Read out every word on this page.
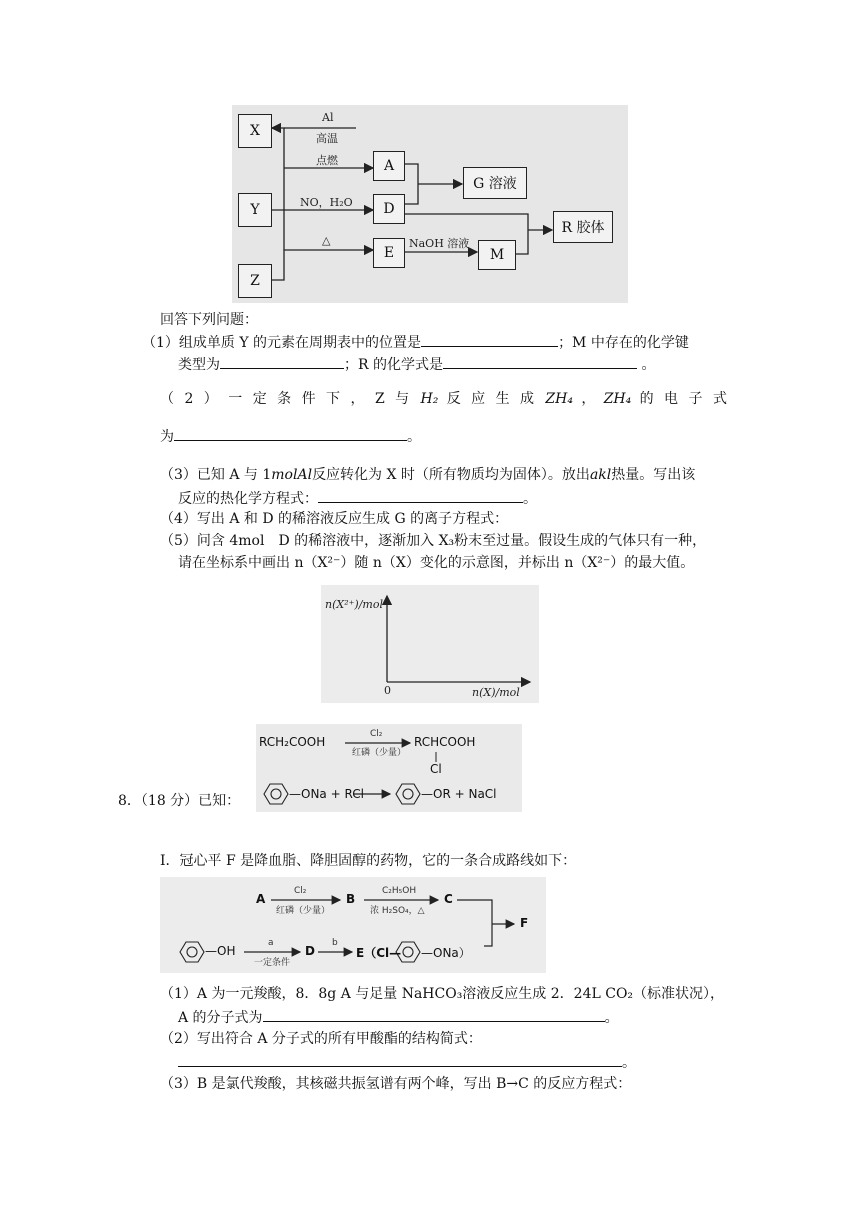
X
Y
Z
A
D
E	M
G 溶液
R 胶体
Al
高温
点燃
NO，H₂O
△	NaOH 溶液
回答下列问题：
（1）组成单质 Y 的元素在周期表中的位置是	；M 中存在的化学键
类型为	；R 的化学式是	。
（ 2 ） 一 定 条 件 下 ， Z 与 H₂ 反 应 生 成 ZH₄ ， ZH₄ 的 电 子 式
为	。
（3）已知 A 与 1molAl反应转化为 X 时（所有物质均为固体）。放出akl热量。写出该
反应的热化学方程式：	。
（4）写出 A 和 D 的稀溶液反应生成 G 的离子方程式：
（5）问含 4mol　D 的稀溶液中，逐渐加入 X₃粉末至过量。假设生成的气体只有一种，
请在坐标系中画出 n（X²⁻）随 n（X）变化的示意图，并标出 n（X²⁻）的最大值。
n(X²⁺)/mol
n(X)/mol
0
RCH₂COOH
Cl₂
红磷（少量）
RCHCOOH
Cl
—ONa + RCl	—OR + NaCl
8．（18 分）已知：
Ⅰ．冠心平 F 是降血脂、降胆固醇的药物，它的一条合成路线如下：
A
Cl₂
红磷（少量）
B
C₂H₅OH
浓 H₂SO₄，△
C
F
—OH
a
一定条件
D
b
E（Cl— —ONa）
（1）A 为一元羧酸，8．8g A 与足量 NaHCO₃溶液反应生成 2．24L CO₂（标准状况），
A 的分子式为	。
（2）写出符合 A 分子式的所有甲酸酯的结构简式：
。
（3）B 是氯代羧酸，其核磁共振氢谱有两个峰，写出 B→C 的反应方程式：
